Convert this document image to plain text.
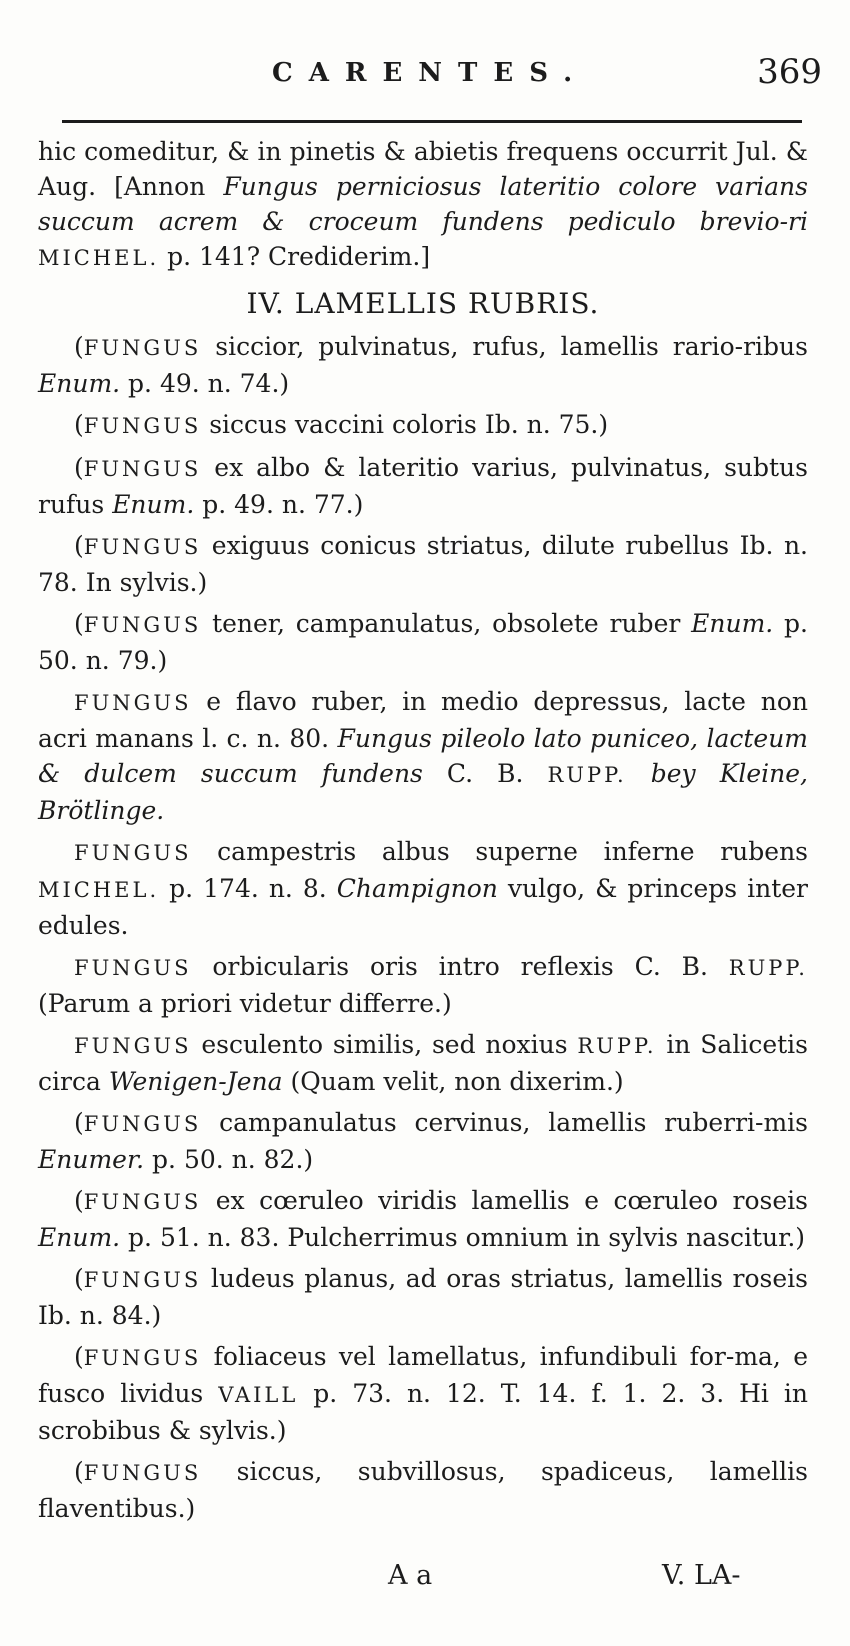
CARENTES.	369

hic comeditur, & in pinetis & abietis frequens occurrit Jul. & Aug. [Annon Fungus perniciosus lateritio colore varians succum acrem & croceum fundens pediculo brevio-ri MICHEL. p. 141? Crediderim.]

IV. LAMELLIS RUBRIS.

(FUNGUS siccior, pulvinatus, rufus, lamellis rario-ribus Enum. p. 49. n. 74.)

(FUNGUS siccus vaccini coloris Ib. n. 75.)

(FUNGUS ex albo & lateritio varius, pulvinatus, subtus rufus Enum. p. 49. n. 77.)

(FUNGUS exiguus conicus striatus, dilute rubellus Ib. n. 78. In sylvis.)

(FUNGUS tener, campanulatus, obsolete ruber Enum. p. 50. n. 79.)

FUNGUS e flavo ruber, in medio depressus, lacte non acri manans l. c. n. 80. Fungus pileolo lato puniceo, lacteum & dulcem succum fundens C. B. RUPP. bey Kleine, Brötlinge.

FUNGUS campestris albus superne inferne rubens MICHEL. p. 174. n. 8. Champignon vulgo, & princeps inter edules.

FUNGUS orbicularis oris intro reflexis C. B. RUPP. (Parum a priori videtur differre.)

FUNGUS esculento similis, sed noxius RUPP. in Salicetis circa Wenigen-Jena (Quam velit, non dixerim.)

(FUNGUS campanulatus cervinus, lamellis ruberri-mis Enumer. p. 50. n. 82.)

(FUNGUS ex cœruleo viridis lamellis e cœruleo roseis Enum. p. 51. n. 83. Pulcherrimus omnium in sylvis nascitur.)

(FUNGUS ludeus planus, ad oras striatus, lamellis roseis Ib. n. 84.)

(FUNGUS foliaceus vel lamellatus, infundibuli for-ma, e fusco lividus VAILL p. 73. n. 12. T. 14. f. 1. 2. 3. Hi in scrobibus & sylvis.)

(FUNGUS siccus, subvillosus, spadiceus, lamellis flaventibus.)

A a	V. LA-
